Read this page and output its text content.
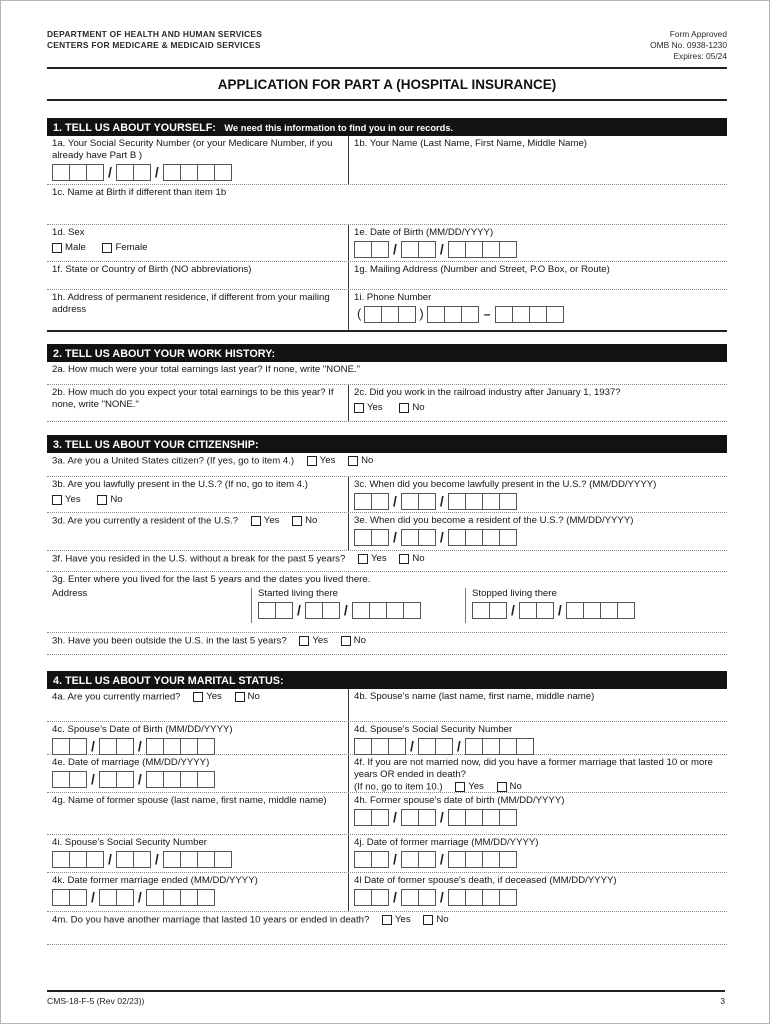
DEPARTMENT OF HEALTH AND HUMAN SERVICES
CENTERS FOR MEDICARE & MEDICAID SERVICES
Form Approved
OMB No. 0938-1230
Expires: 05/24
APPLICATION FOR PART A (HOSPITAL INSURANCE)
1. TELL US ABOUT YOURSELF: We need this information to find you in our records.
1a. Your Social Security Number (or your Medicare Number, if you already have Part B )
/	/
1b. Your Name (Last Name, First Name, Middle Name)
1c. Name at Birth if different than item 1b
1d. Sex
Male
	Female
1e. Date of Birth (MM/DD/YYYY)
/	/
1f. State or Country of Birth (NO abbreviations)	1g. Mailing Address (Number and Street, P.O Box, or Route)
1h. Address of permanent residence, if different from your mailing address
1i. Phone Number
(	)	–
2. TELL US ABOUT YOUR WORK HISTORY:
2a. How much were your total earnings last year? If none, write "NONE."
2b. How much do you expect your total earnings to be this year? If none, write "NONE."
2c. Did you work in the railroad industry after January 1, 1937?
Yes
	No
3. TELL US ABOUT YOUR CITIZENSHIP:
3a. Are you a United States citizen? (If yes, go to item 4.)	Yes
	No
3b. Are you lawfully present in the U.S.? (If no, go to item 4.)
Yes
	No
3c. When did you become lawfully present in the U.S.? (MM/DD/YYYY)
/	/
3d. Are you currently a resident of the U.S.?	Yes
	No	3e. When did you become a resident of the U.S.? (MM/DD/YYYY)
/	/
3f. Have you resided in the U.S. without a break for the past 5 years?	Yes
	No
3g. Enter where you lived for the last 5 years and the dates you lived there.
Address	Started living there
/	/
Stopped living there
/	/
3h. Have you been outside the U.S. in the last 5 years?	Yes
	No
4. TELL US ABOUT YOUR MARITAL STATUS:
4a. Are you currently married?	Yes
	No	4b. Spouse’s name (last name, first name, middle name)
4c. Spouse’s Date of Birth (MM/DD/YYYY)
/	/
4d. Spouse’s Social Security Number
/	/
4e. Date of marriage (MM/DD/YYYY)
/	/
4f. If you are not married now, did you have a former marriage that lasted 10 or more years OR ended in death?
(If no, go to item 10.)	Yes
	No
4g. Name of former spouse (last name, first name, middle name)	4h. Former spouse’s date of birth (MM/DD/YYYY)
/	/
4i. Spouse’s Social Security Number
/	/
4j. Date of former marriage (MM/DD/YYYY)
/	/
4k. Date former marriage ended (MM/DD/YYYY)
/	/
4l Date of former spouse's death, if deceased (MM/DD/YYYY)
/	/
4m. Do you have another marriage that lasted 10 years or ended in death?	Yes
	No
CMS-18-F-5 (Rev 02/23))	3
